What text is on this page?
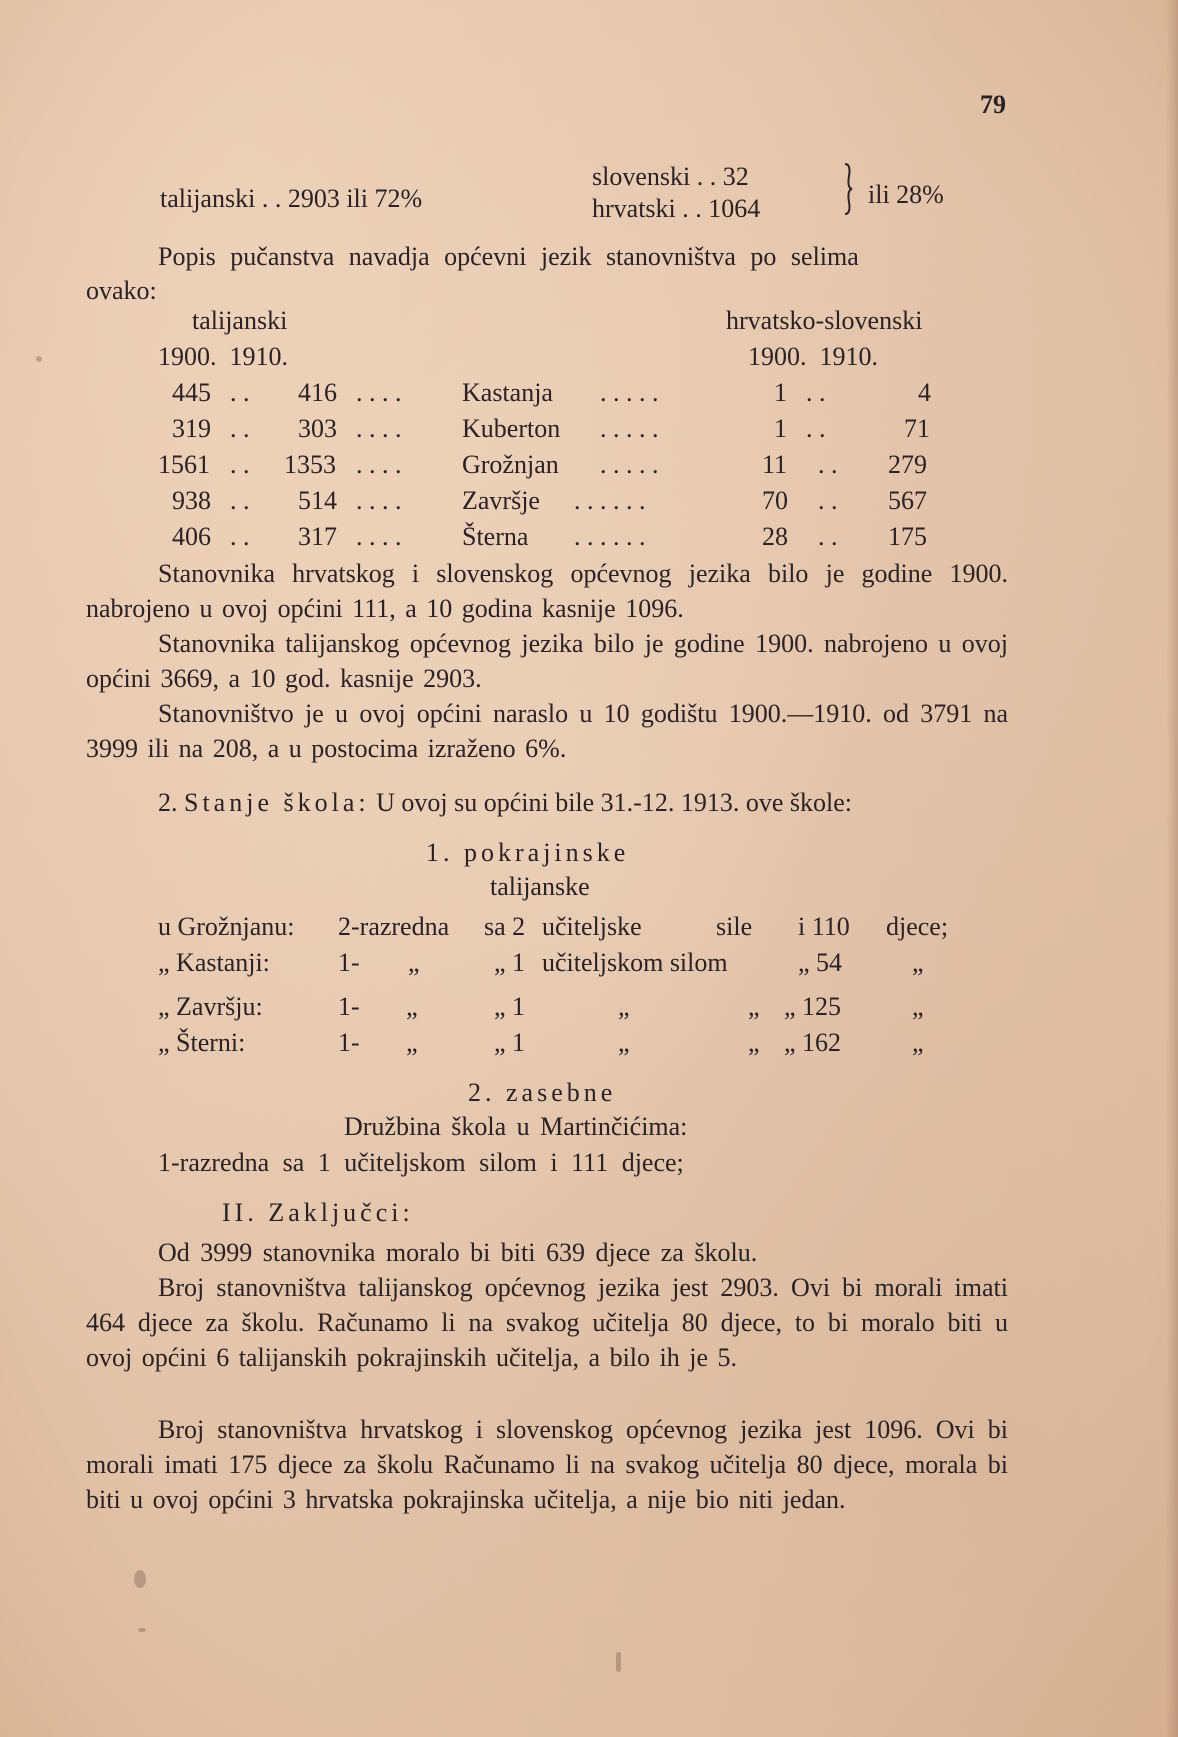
79
talijanski . . 2903 ili 72%
slovenski . . 32
hrvatski . . 1064	ili 28%
Popis pučanstva navadja općevni jezik stanovništva po selima
ovako:
talijanski	hrvatsko-slovenski
1900.  1910.	1900.  1910.
445 . . 416 . . . . Kastanja . . . . .	1 . .	4
319 . . 303 . . . . Kuberton . . . . .	1 . .	71
1561 . . 1353 . . . . Grožnjan . . . . .	11 . . 279
938 . . 514 . . . . Završje . . . . . .	70 . . 567
406 . . 317 . . . . Šterna . . . . . .	28 . . 175
Stanovnika hrvatskog i slovenskog općevnog jezika bilo je godine 1900. nabrojeno u ovoj općini 111, a 10 godina kasnije 1096.
Stanovnika talijanskog općevnog jezika bilo je godine 1900. nabrojeno u ovoj općini 3669, a 10 god. kasnije 2903.
Stanovništvo je u ovoj općini naraslo u 10 godištu 1900.—1910. od 3791 na 3999 ili na 208, a u postocima izraženo 6%.
2. Stanje škola: U ovoj su općini bile 31.-12. 1913. ove škole:
1. pokrajinske
talijanske
u Grožnjanu: 2-razredna sa 2 učiteljske	sile i 110 djece;
„ Kastanji:	1- „	„ 1 učiteljskom silom	„ 54	„
„ Završju:	1- „	„ 1	„	„ „ 125	„
„ Šterni:	1- „	„ 1	„	„ „ 162	„
2. zasebne
Družbina škola u Martinčićima:
1-razredna sa 1 učiteljskom silom i 111 djece;
II. Zaključci:
Od 3999 stanovnika moralo bi biti 639 djece za školu.
Broj stanovništva talijanskog općevnog jezika jest 2903. Ovi bi morali imati 464 djece za školu. Računamo li na svakog učitelja 80 djece, to bi moralo biti u ovoj općini 6 talijanskih pokrajinskih učitelja, a bilo ih je 5.
Broj stanovništva hrvatskog i slovenskog općevnog jezika jest 1096. Ovi bi morali imati 175 djece za školu Računamo li na svakog učitelja 80 djece, morala bi biti u ovoj općini 3 hrvatska pokrajinska učitelja, a nije bio niti jedan.
